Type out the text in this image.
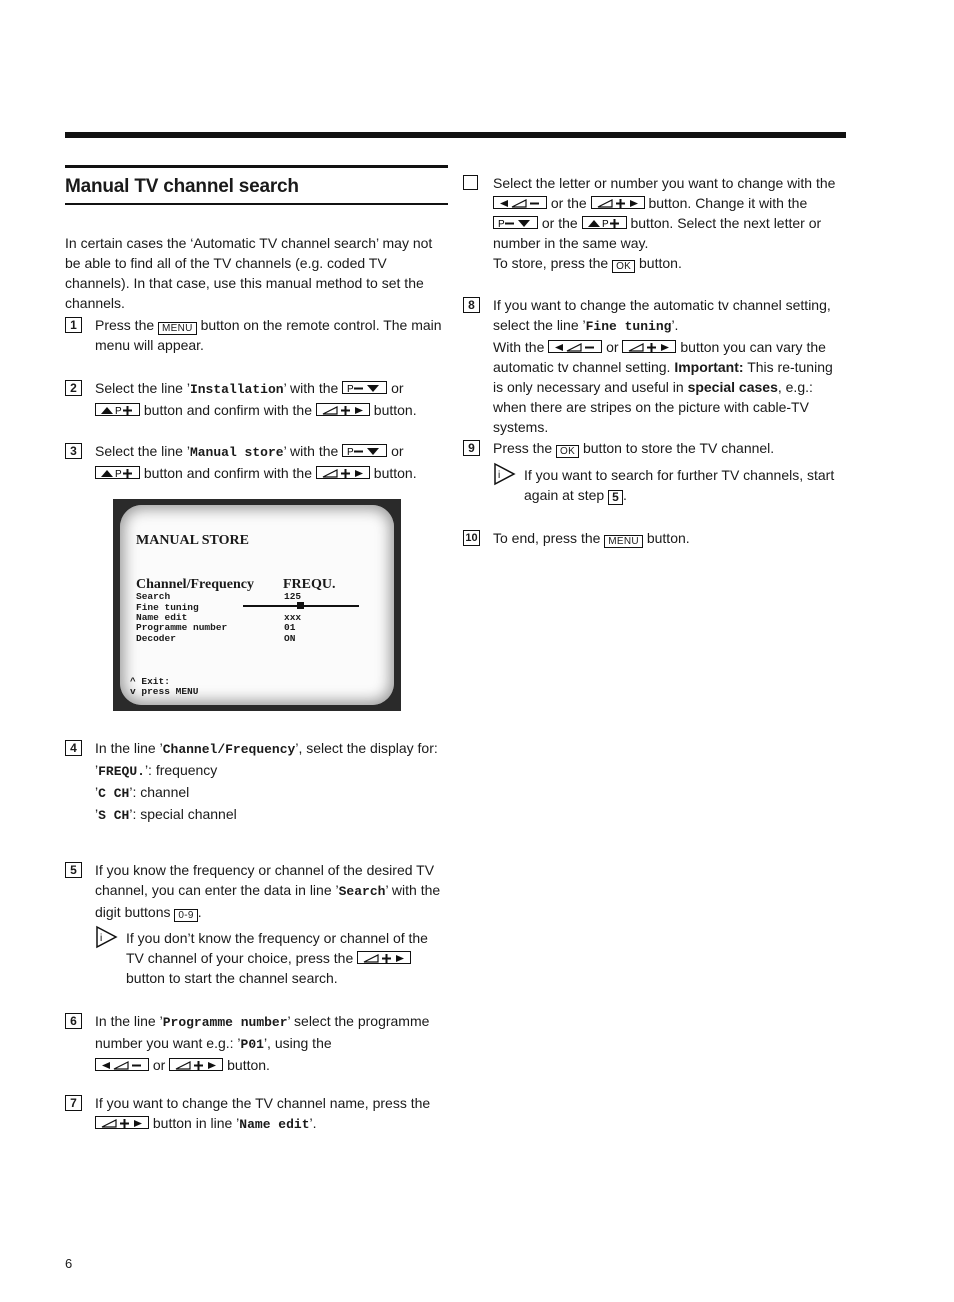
Manual TV channel search
In certain cases the ‘Automatic TV channel search’ may not be able to find all of the TV channels (e.g. coded TV channels). In that case, use this manual method to set the channels.
1	Press the MENU button on the remote control. The main menu will appear.
2	Select the line ’Installation’ with the P	or

P button and confirm with the	button.
3	Select the line ’Manual store’ with the P	or

P button and confirm with the	button.
MANUAL STORE
Channel/Frequency FREQU.
Search	125
Fine tuning
Name edit	xxx
Programme number	01
Decoder	ON
^ Exit:
v press MENU
4	In the line ’Channel/Frequency’, select the display for:
’FREQU.’: frequency
’C CH’: channel
’S CH’: special channel
5	If you know the frequency or channel of the desired TV channel, you can enter the data in line ’Search’ with the digit buttons 0-9 .
i If you don’t know the frequency or channel of the TV channel of your choice, press the
button to start the channel search.
6	In the line ’Programme number’ select the programme number you want e.g.: ’P01’, using the

or	button.
7	If you want to change the TV channel name, press the

button in line ’Name edit’.
Select the letter or number you want to change with the

or the	button. Change it with the

P	or the P button. Select the next letter or number in the same way.
To store, press the OK button.
8	If you want to change the automatic tv channel setting, select the line ’Fine tuning’.
With the	or	button you can vary the automatic tv channel setting. Important: This re-tuning is only necessary and useful in special cases, e.g.: when there are stripes on the picture with cable-TV systems.
9	Press the OK button to store the TV channel.
i If you want to search for further TV channels, start again at step 5 .
10 To end, press the MENU button.
6
